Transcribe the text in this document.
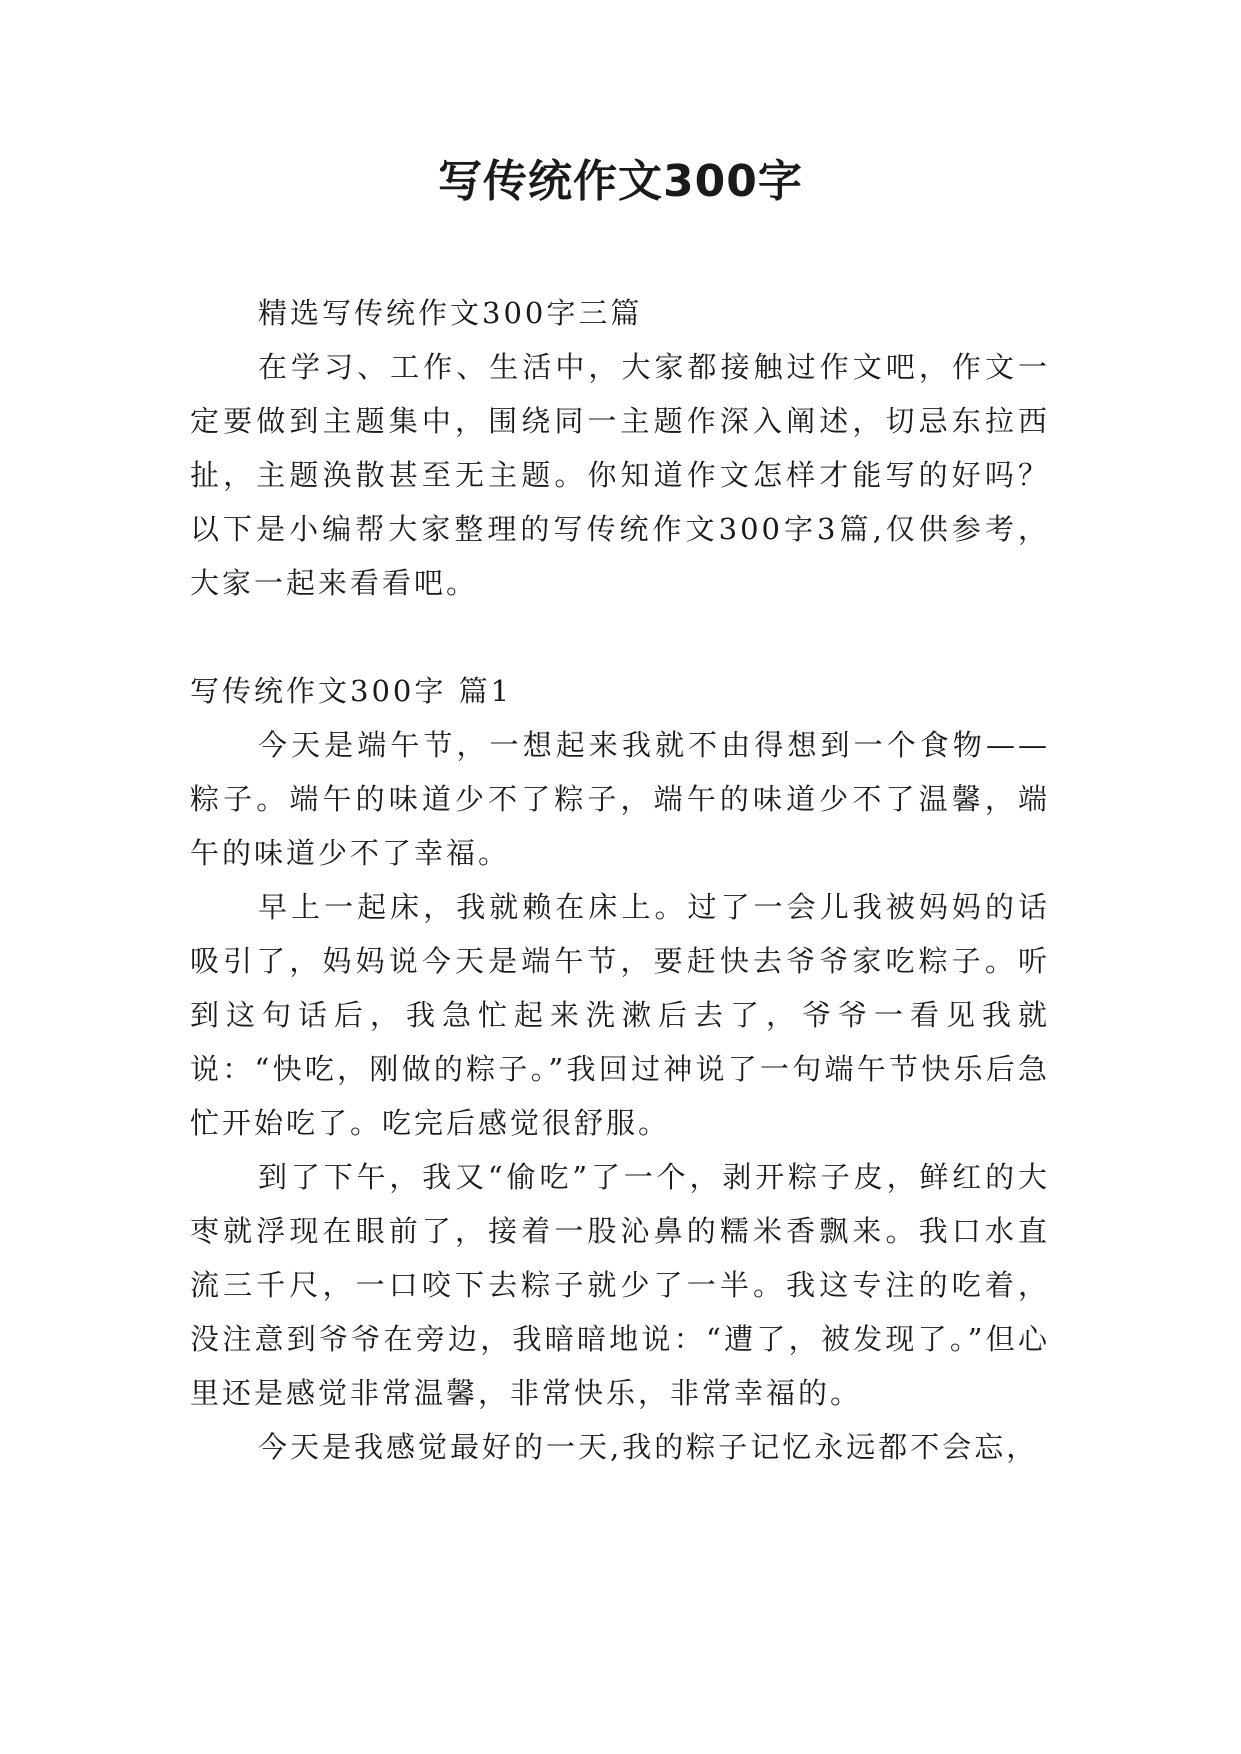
写传统作文300字

精选写传统作文300字三篇

在学习、工作、生活中，大家都接触过作文吧，作文一定要做到主题集中，围绕同一主题作深入阐述，切忌东拉西扯，主题涣散甚至无主题。你知道作文怎样才能写的好吗？以下是小编帮大家整理的写传统作文300字3篇,仅供参考，大家一起来看看吧。

写传统作文300字 篇1

今天是端午节，一想起来我就不由得想到一个食物——粽子。端午的味道少不了粽子，端午的味道少不了温馨，端午的味道少不了幸福。

早上一起床，我就赖在床上。过了一会儿我被妈妈的话吸引了，妈妈说今天是端午节，要赶快去爷爷家吃粽子。听到这句话后，我急忙起来洗漱后去了，爷爷一看见我就说：“快吃，刚做的粽子。”我回过神说了一句端午节快乐后急忙开始吃了。吃完后感觉很舒服。

到了下午，我又“偷吃”了一个，剥开粽子皮，鲜红的大枣就浮现在眼前了，接着一股沁鼻的糯米香飘来。我口水直流三千尺，一口咬下去粽子就少了一半。我这专注的吃着，没注意到爷爷在旁边，我暗暗地说：“遭了，被发现了。”但心里还是感觉非常温馨，非常快乐，非常幸福的。

今天是我感觉最好的一天,我的粽子记忆永远都不会忘，
